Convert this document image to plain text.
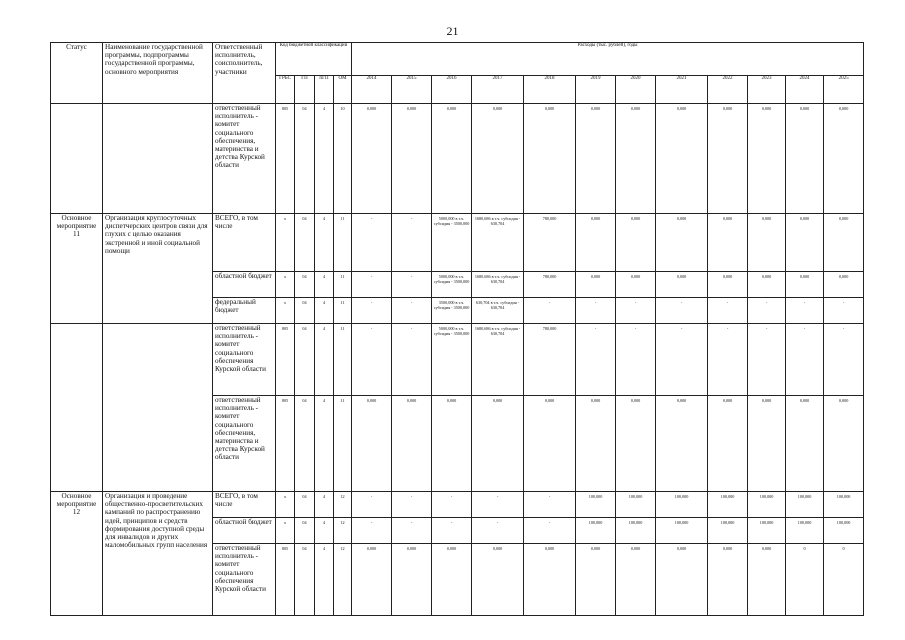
21
Статус	Наименование государственной программы, подпрограммы государственной программы, основного мероприятия	Ответственный исполнитель, соисполнитель, участники	Код бюджетной классификации				Расходы (тыс. рублей), годы											
			ГРБС	ГП	пГП	ОМ	2014	2015	2016	2017	2018	2019	2020	2021	2022	2023	2024	2025
		ответственный исполнитель - комитет социального обеспечения, материнства и детства Курской области	805	04	4	10	0,000	0,000	0,000	0,000	0,000	0,000	0,000	0,000	0,000	0,000	0,000	0,000
Основное мероприятие 11	Организация круглосуточных диспетчерских центров связи для глухих с целью оказания экстренной и иной социальной помощи	ВСЕГО, в том числе	х	04	4	11	-	-	5000,000 в т.ч. субсидия - 3500,000	1680,686 в т.ч. субсидия - 630,704	780,000	0,000	0,000	0,000	0,000	0,000	0,000	0,000
		областной бюджет	х	04	4	11	-	-	5000,000 в т.ч. субсидия - 3500,000	1680,686 в т.ч. субсидия - 630,704	780,000	0,000	0,000	0,000	0,000	0,000	0,000	0,000
		федеральный бюджет	х	04	4	11	-	-	3500,000 в т.ч. субсидия - 3500,000	630,704 в т.ч. субсидия - 630,704	-	-	-	-	-	-	-	-
		ответственный исполнитель - комитет социального обеспечения Курской области	805	04	4	11	-	-	5000,000 в т.ч. субсидия - 3500,000	1680,686 в т.ч. субсидия - 630,704	780,000	-	-	-	-	-	-	-
		ответственный исполнитель - комитет социального обеспечения, материнства и детства Курской области	805	04	4	11	0,000	0,000	0,000	0,000	0,000	0,000	0,000	0,000	0,000	0,000	0,000	0,000
Основное мероприятие 12	Организация и проведение общественно-просветительских кампаний по распространению идей, принципов и средств формирования доступной среды для инвалидов и других маломобильных групп населения	ВСЕГО, в том числе	х	04	4	12	-	-	-	-	-	100,000	100,000	100,000	100,000	100,000	100,000	100,000
		областной бюджет	х	04	4	12	-	-	-	-	-	100,000	100,000	100,000	100,000	100,000	100,000	100,000
		ответственный исполнитель - комитет социального обеспечения Курской области	805	04	4	12	0,000	0,000	0,000	0,000	0,000	0,000	0,000	0,000	0,000	0,000	0	0
